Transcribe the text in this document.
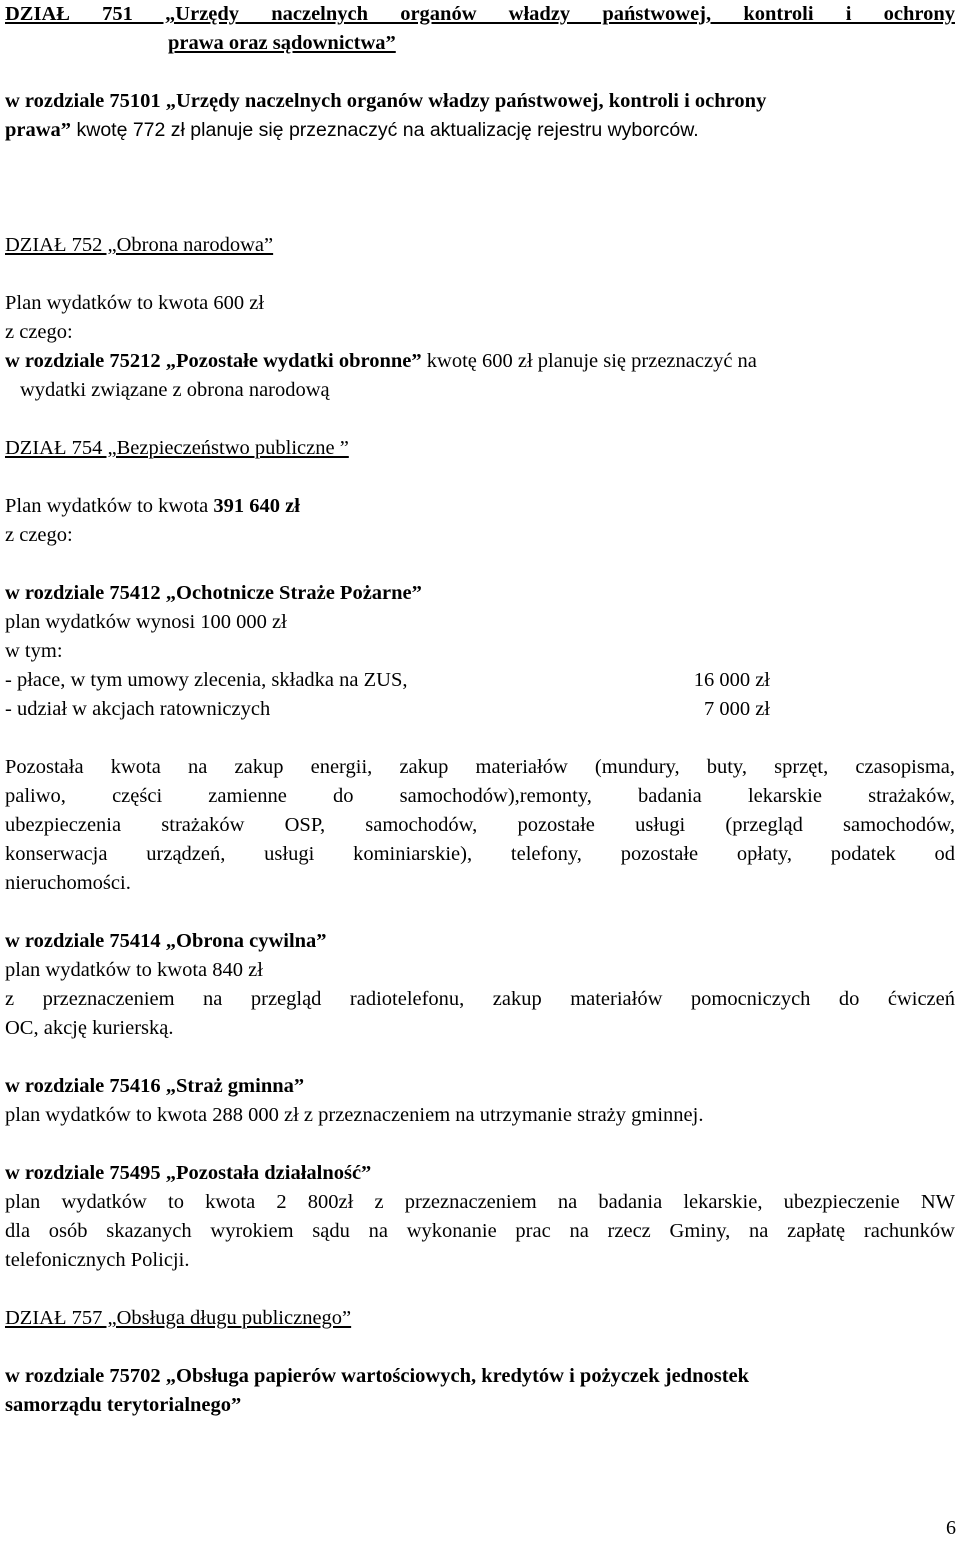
DZIAŁ 751 „Urzędy naczelnych organów władzy państwowej, kontroli i ochrony
prawa oraz sądownictwa”
w rozdziale 75101 „Urzędy naczelnych organów władzy państwowej, kontroli i ochrony
prawa” kwotę 772 zł planuje się przeznaczyć na aktualizację rejestru wyborców.
DZIAŁ 752 „Obrona narodowa”
Plan wydatków to kwota 600 zł
z czego:
w rozdziale 75212 „Pozostałe wydatki obronne” kwotę 600 zł planuje się przeznaczyć na
wydatki związane z obrona narodową
DZIAŁ 754 „Bezpieczeństwo publiczne ”
Plan wydatków to kwota 391 640 zł
z czego:
w rozdziale 75412 „Ochotnicze Straże Pożarne”
plan wydatków wynosi 100 000 zł
w tym:
- płace, w tym umowy zlecenia, składka na ZUS,	16 000 zł
- udział w akcjach ratowniczych	7 000 zł
Pozostała kwota na zakup energii, zakup materiałów (mundury, buty, sprzęt, czasopisma,
paliwo, części zamienne do samochodów),remonty, badania lekarskie strażaków,
ubezpieczenia strażaków OSP, samochodów, pozostałe usługi (przegląd samochodów,
konserwacja urządzeń, usługi kominiarskie), telefony, pozostałe opłaty, podatek od
nieruchomości.
w rozdziale 75414 „Obrona cywilna”
plan wydatków to kwota 840 zł
z przeznaczeniem na przegląd radiotelefonu, zakup materiałów pomocniczych do ćwiczeń
OC, akcję kurierską.
w rozdziale 75416 „Straż gminna”
plan wydatków to kwota 288 000 zł z przeznaczeniem na utrzymanie straży gminnej.
w rozdziale 75495 „Pozostała działalność”
plan wydatków to kwota 2 800zł z przeznaczeniem na badania lekarskie, ubezpieczenie NW
dla osób skazanych wyrokiem sądu na wykonanie prac na rzecz Gminy, na zapłatę rachunków
telefonicznych Policji.
DZIAŁ 757 „Obsługa długu publicznego”
w rozdziale 75702 „Obsługa papierów wartościowych, kredytów i pożyczek jednostek
samorządu terytorialnego”
6
